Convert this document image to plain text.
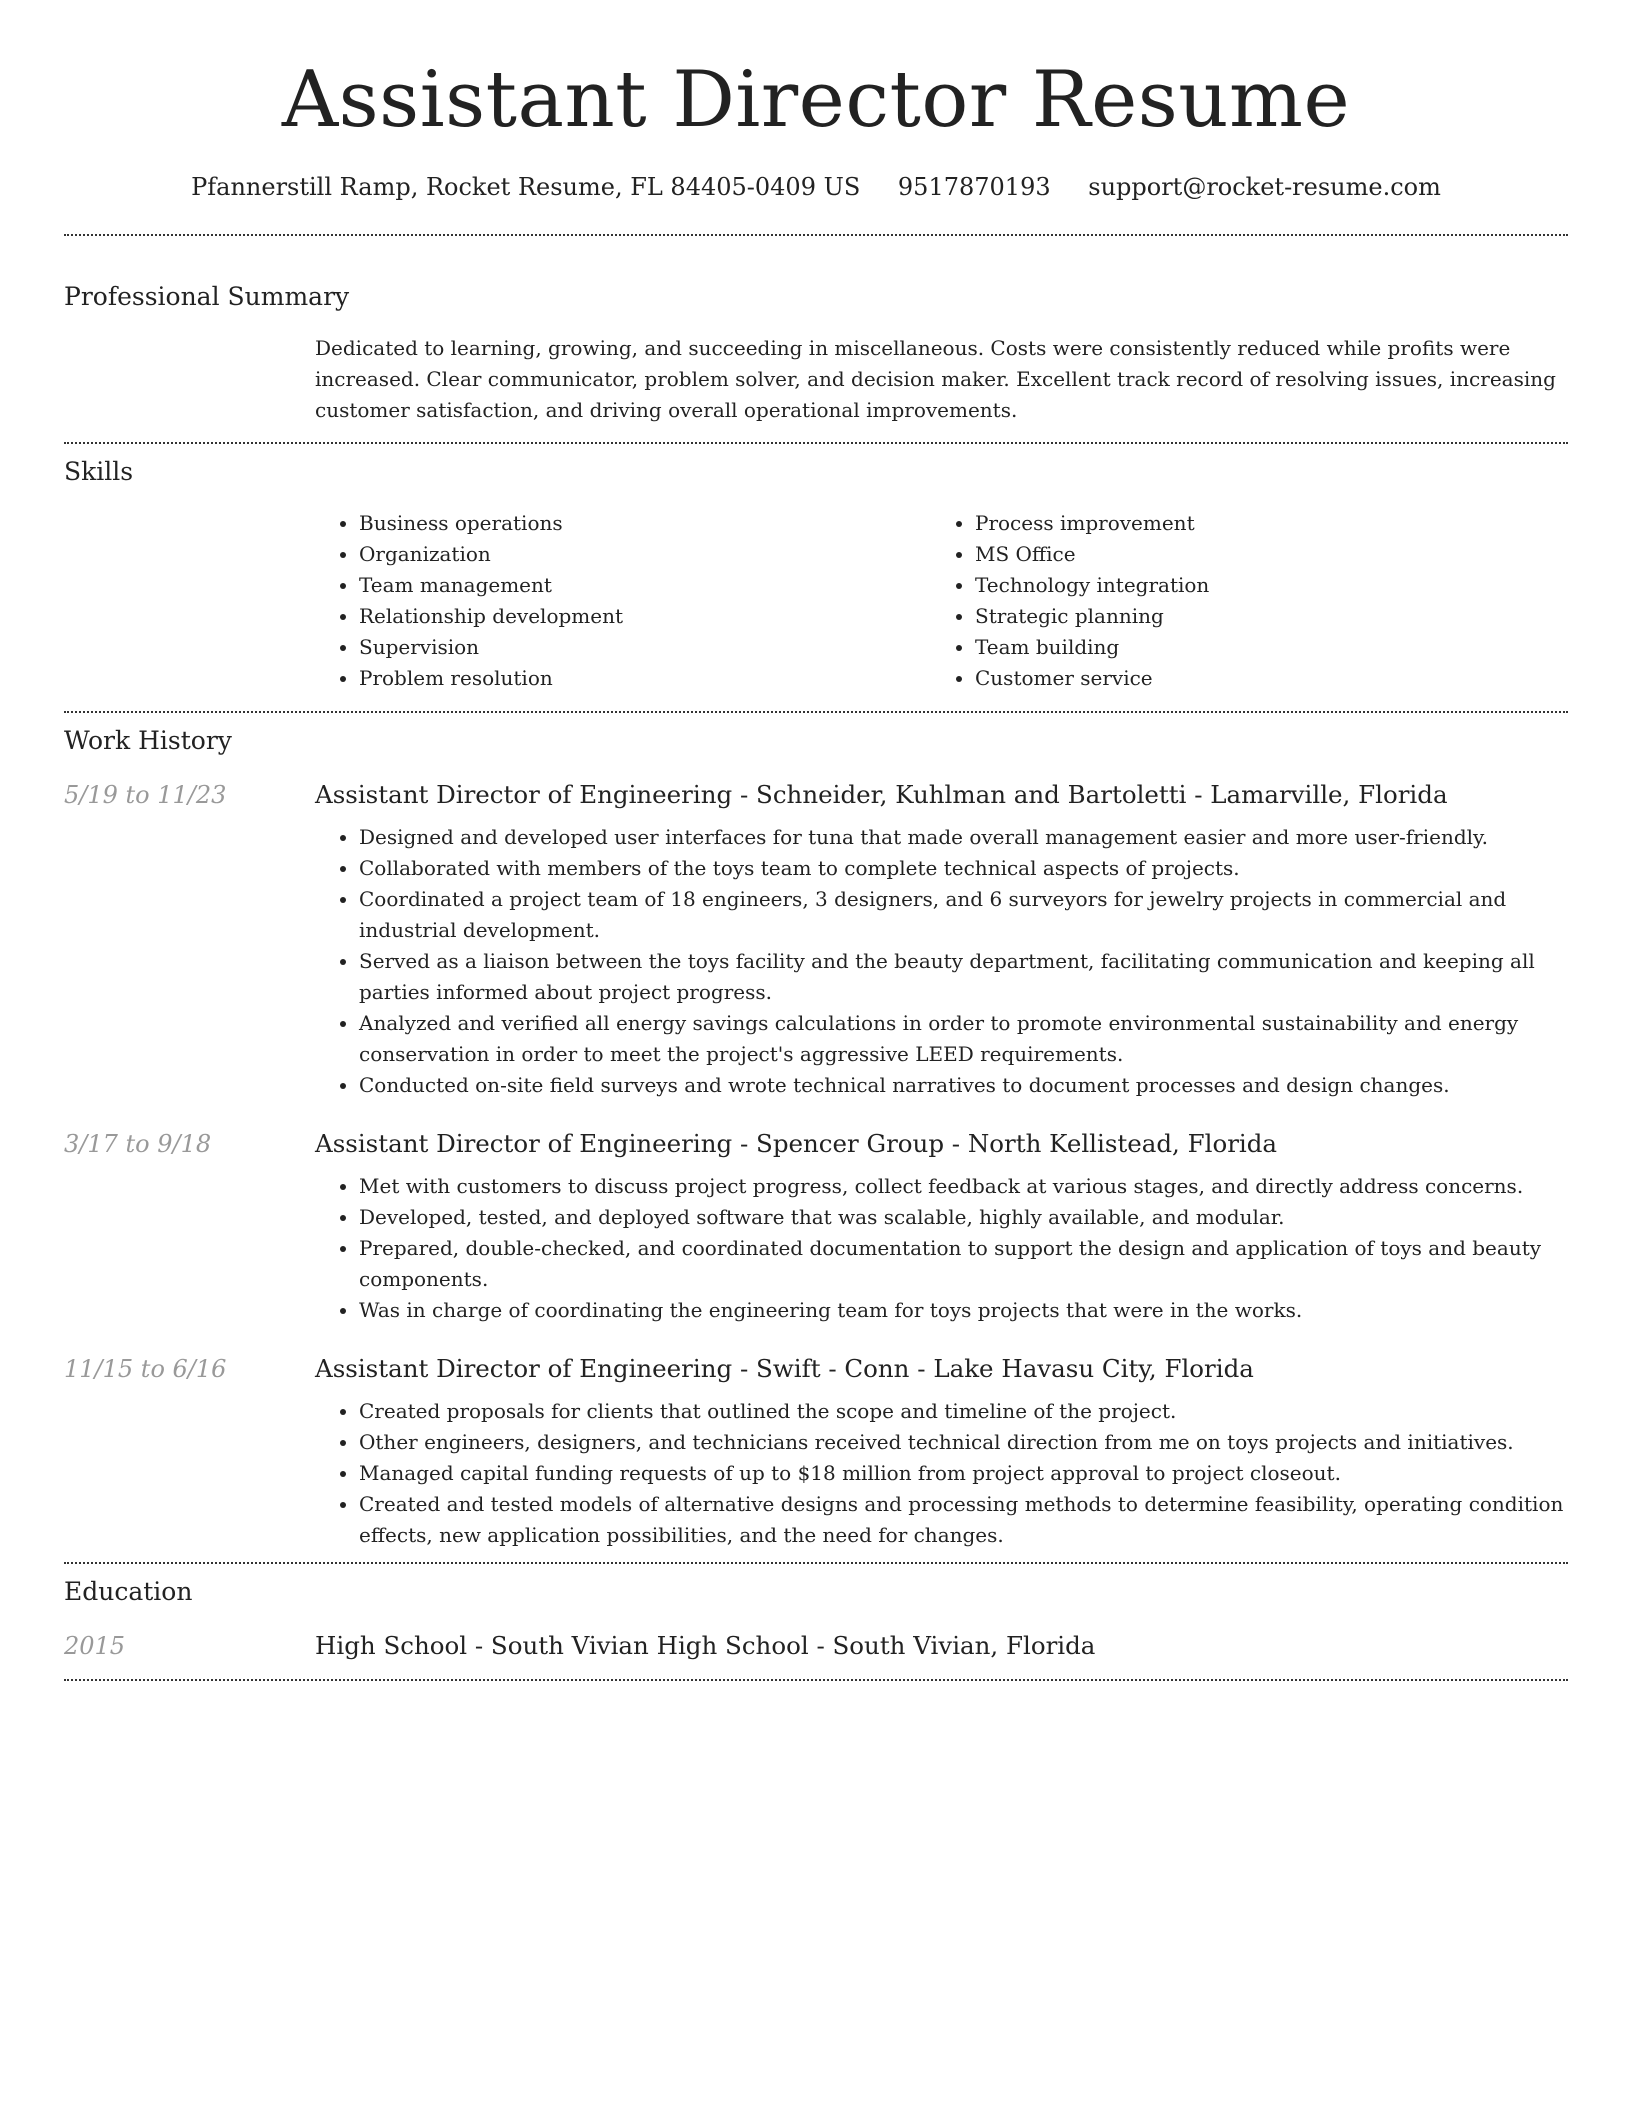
Assistant Director Resume
Pfannerstill Ramp, Rocket Resume, FL 84405-0409 US 9517870193 support@rocket-resume.com
Professional Summary

Dedicated to learning, growing, and succeeding in miscellaneous. Costs were consistently reduced while profits were increased. Clear communicator, problem solver, and decision maker. Excellent track record of resolving issues, increasing customer satisfaction, and driving overall operational improvements.

Skills
• Business operations
• Organization
• Team management
• Relationship development
• Supervision
• Problem resolution
• Process improvement
• MS Office
• Technology integration
• Strategic planning
• Team building
• Customer service
Work History
5/19 to 11/23	Assistant Director of Engineering - Schneider, Kuhlman and Bartoletti - Lamarville, Florida
• Designed and developed user interfaces for tuna that made overall management easier and more user-friendly.
• Collaborated with members of the toys team to complete technical aspects of projects.
• Coordinated a project team of 18 engineers, 3 designers, and 6 surveyors for jewelry projects in commercial and industrial development.
• Served as a liaison between the toys facility and the beauty department, facilitating communication and keeping all parties informed about project progress.
• Analyzed and verified all energy savings calculations in order to promote environmental sustainability and energy conservation in order to meet the project's aggressive LEED requirements.
• Conducted on-site field surveys and wrote technical narratives to document processes and design changes.
3/17 to 9/18	Assistant Director of Engineering - Spencer Group - North Kellistead, Florida
• Met with customers to discuss project progress, collect feedback at various stages, and directly address concerns.
• Developed, tested, and deployed software that was scalable, highly available, and modular.
• Prepared, double-checked, and coordinated documentation to support the design and application of toys and beauty components.
• Was in charge of coordinating the engineering team for toys projects that were in the works.
11/15 to 6/16	Assistant Director of Engineering - Swift - Conn - Lake Havasu City, Florida
• Created proposals for clients that outlined the scope and timeline of the project.
• Other engineers, designers, and technicians received technical direction from me on toys projects and initiatives.
• Managed capital funding requests of up to $18 million from project approval to project closeout.
• Created and tested models of alternative designs and processing methods to determine feasibility, operating condition effects, new application possibilities, and the need for changes.
Education
2015	High School - South Vivian High School - South Vivian, Florida
